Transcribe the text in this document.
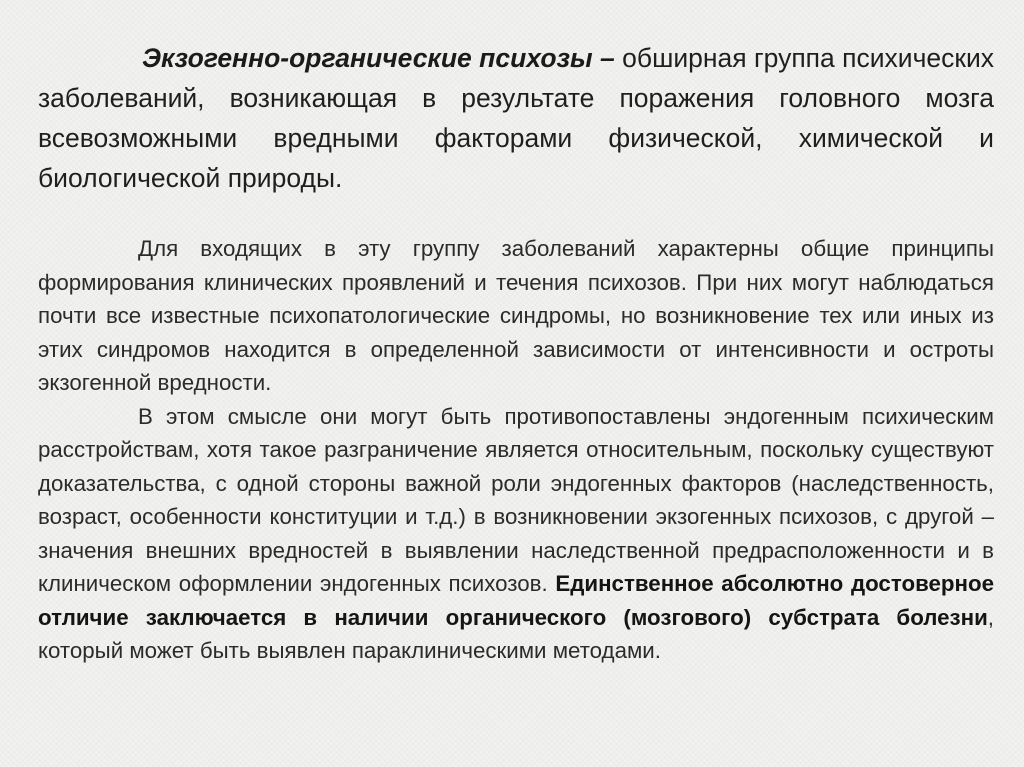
Экзогенно-органические психозы – обширная группа психических заболеваний, возникающая в результате поражения головного мозга всевозможными вредными факторами физической, химической и биологической природы.

Для входящих в эту группу заболеваний характерны общие принципы формирования клинических проявлений и течения психозов. При них могут наблюдаться почти все известные психопатологические синдромы, но возникновение тех или иных из этих синдромов находится в определенной зависимости от интенсивности и остроты экзогенной вредности.

В этом смысле они могут быть противопоставлены эндогенным психическим расстройствам, хотя такое разграничение является относительным, поскольку существуют доказательства, с одной стороны важной роли эндогенных факторов (наследственность, возраст, особенности конституции и т.д.) в возникновении экзогенных психозов, с другой – значения внешних вредностей в выявлении наследственной предрасположенности и в клиническом оформлении эндогенных психозов. Единственное абсолютно достоверное отличие заключается в наличии органического (мозгового) субстрата болезни, который может быть выявлен параклиническими методами.
